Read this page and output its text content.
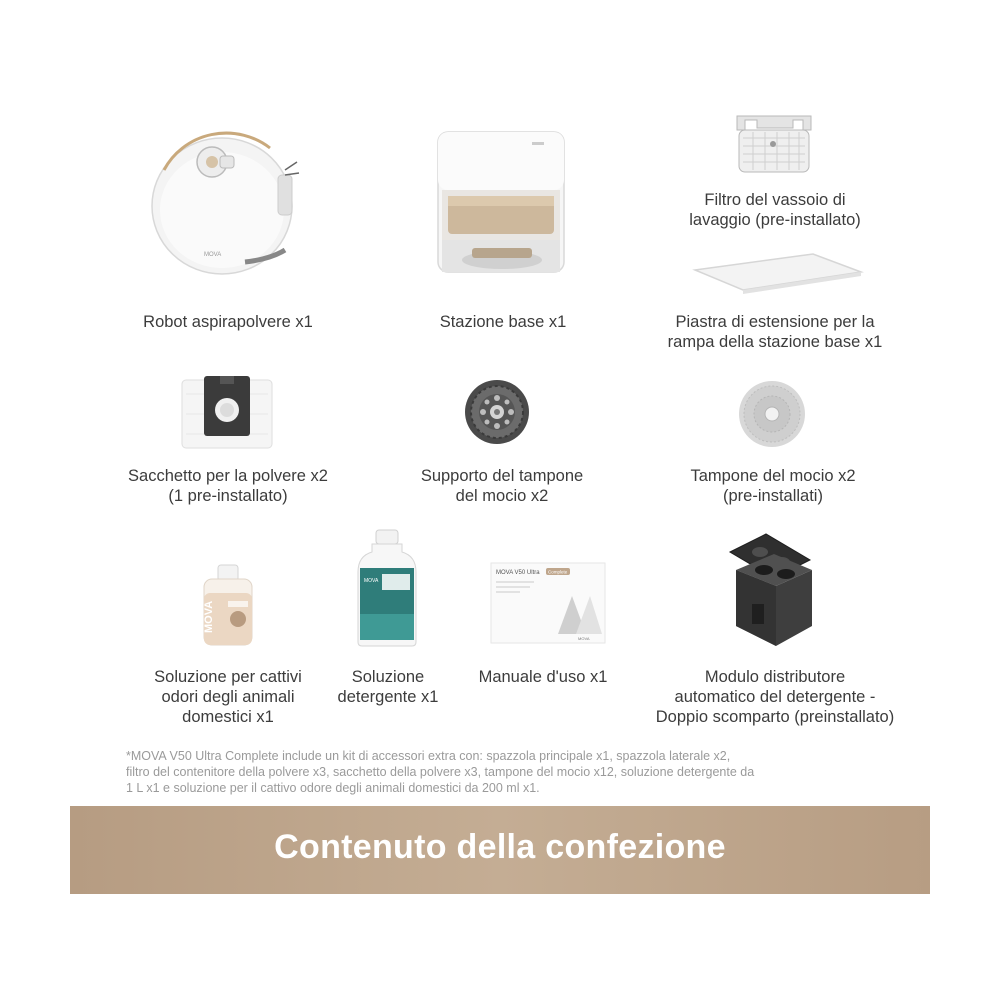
MOVA
Robot aspirapolvere x1	Stazione base x1
Filtro del vassoio di
lavaggio (pre-installato)
Piastra di estensione per la
rampa della stazione base x1
Sacchetto per la polvere x2
(1 pre-installato)
Supporto del tampone
del mocio x2
Tampone del mocio x2
(pre-installati)
MOVA
Soluzione per cattivi
odori degli animali
domestici x1
MOVA
Soluzione
detergente x1
MOVA V50 Ultra Complete
MOVA
Manuale d'uso x1	Modulo distributore
automatico del detergente -
Doppio scomparto (preinstallato)
*MOVA V50 Ultra Complete include un kit di accessori extra con: spazzola principale x1, spazzola laterale x2,
filtro del contenitore della polvere x3, sacchetto della polvere x3, tampone del mocio x12, soluzione detergente da
1 L x1 e soluzione per il cattivo odore degli animali domestici da 200 ml x1.
Contenuto della confezione
